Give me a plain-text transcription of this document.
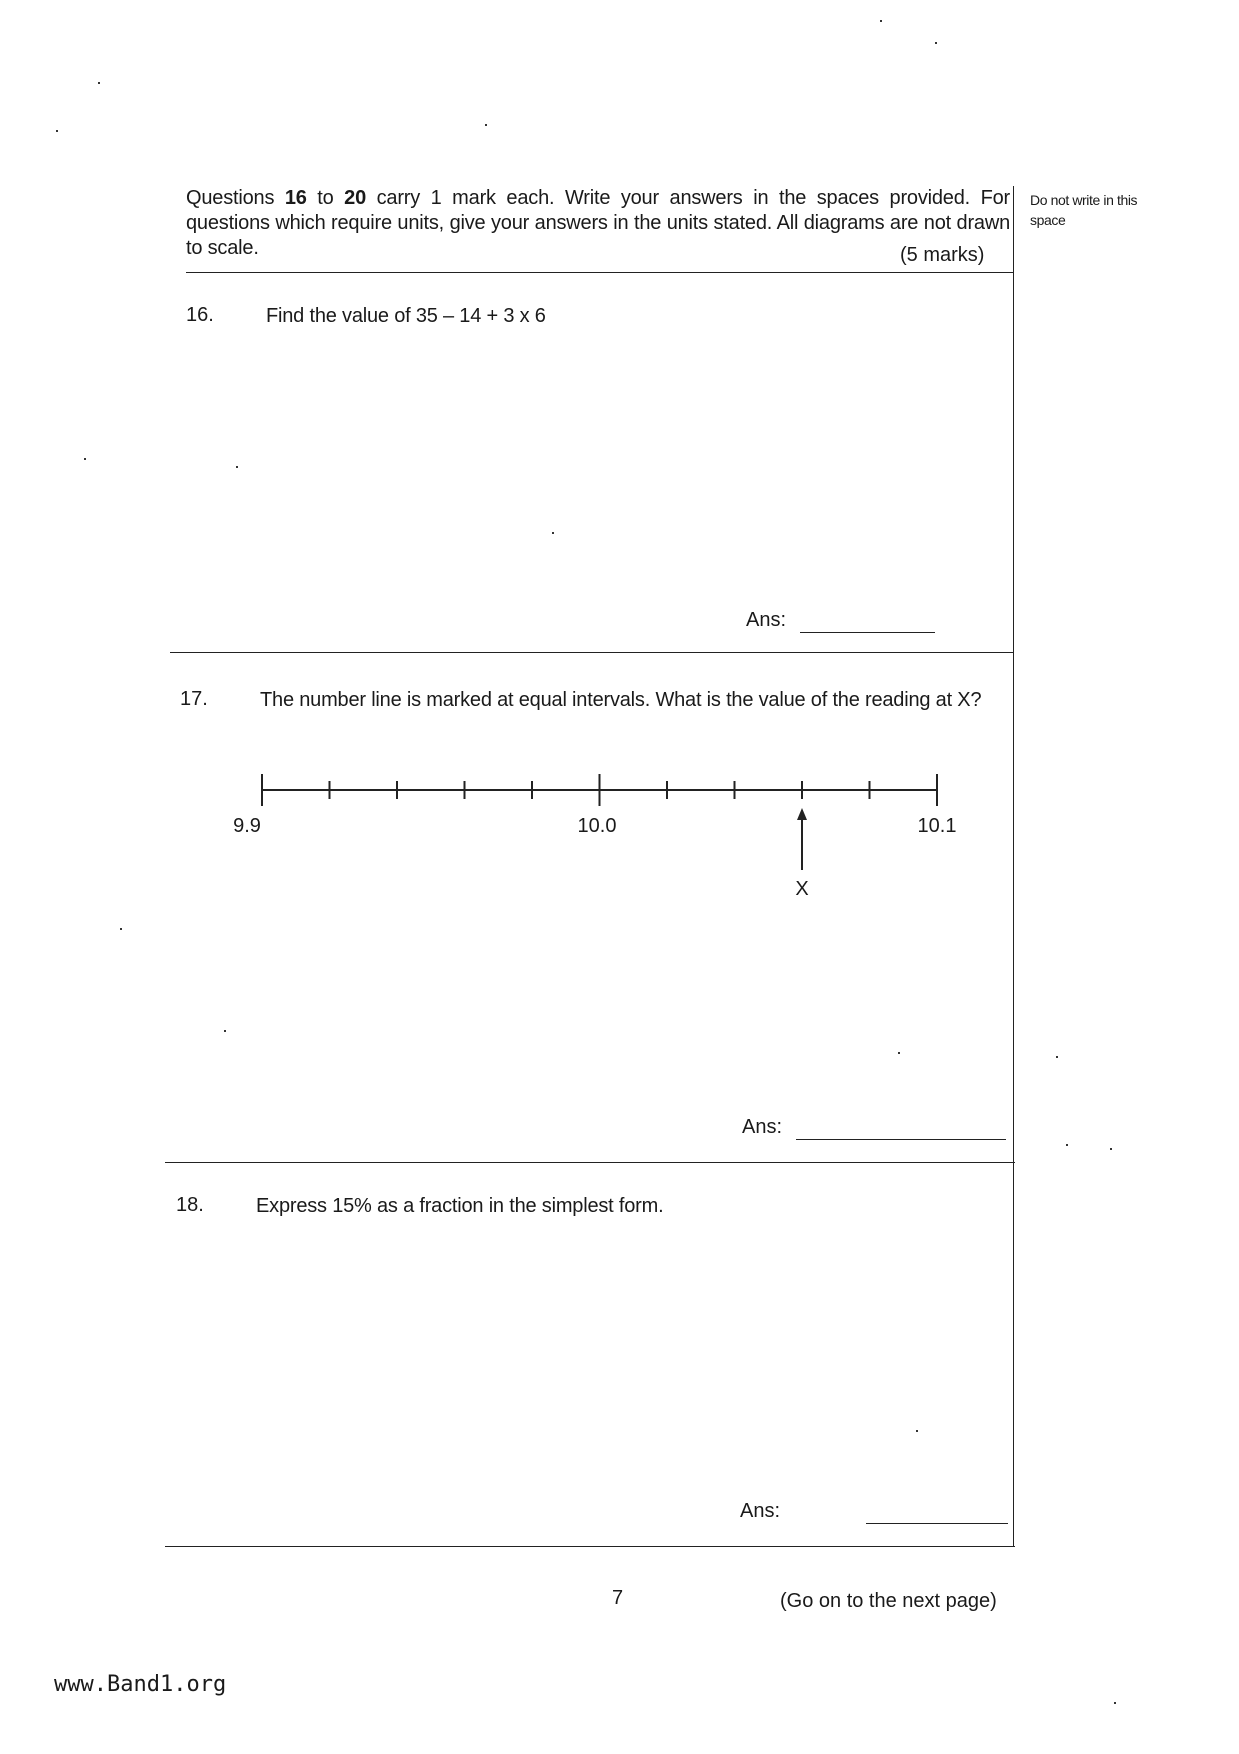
Questions 16 to 20 carry 1 mark each. Write your answers in the spaces provided. For questions which require units, give your answers in the units stated. All diagrams are not drawn to scale.	(5 marks)
Do not write in this space
16.	Find the value of 35 – 14 + 3 x 6
Ans:
17.	The number line is marked at equal intervals. What is the value of the reading at X?
9.9	10.0	10.1
X
Ans:
18.	Express 15% as a fraction in the simplest form.
Ans:
7	(Go on to the next page)
www.Band1.org
